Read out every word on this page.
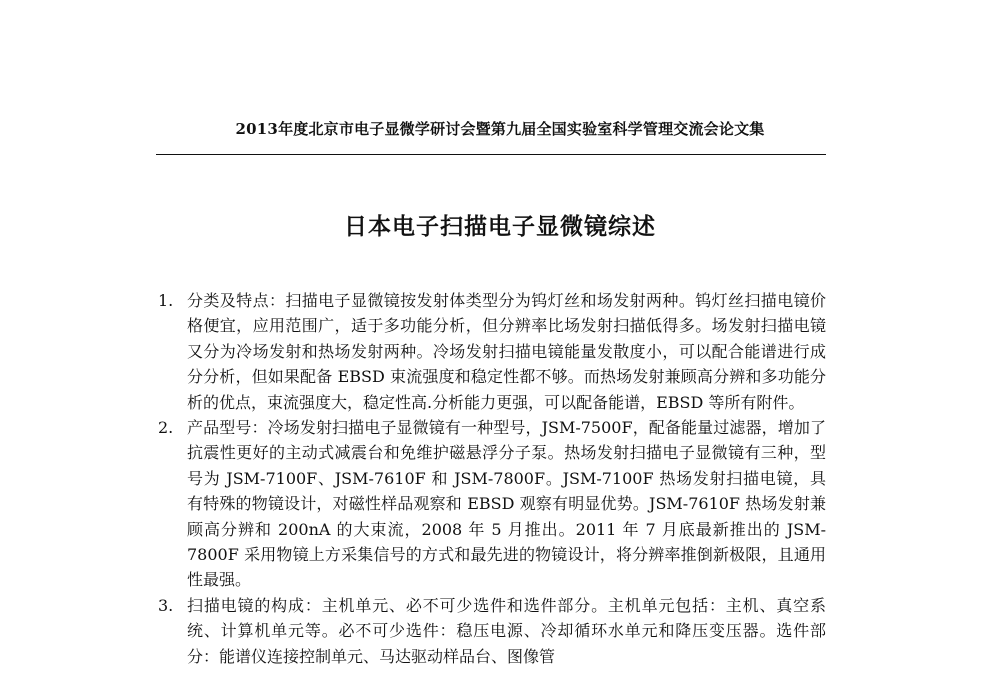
2013年度北京市电子显微学研讨会暨第九届全国实验室科学管理交流会论文集
日本电子扫描电子显微镜综述
1. 分类及特点：扫描电子显微镜按发射体类型分为钨灯丝和场发射两种。钨灯丝扫描电镜价格便宜，应用范围广，适于多功能分析，但分辨率比场发射扫描低得多。场发射扫描电镜又分为冷场发射和热场发射两种。冷场发射扫描电镜能量发散度小，可以配合能谱进行成分分析，但如果配备 EBSD 束流强度和稳定性都不够。而热场发射兼顾高分辨和多功能分析的优点，束流强度大，稳定性高.分析能力更强，可以配备能谱，EBSD 等所有附件。
2. 产品型号：冷场发射扫描电子显微镜有一种型号，JSM-7500F，配备能量过滤器，增加了抗震性更好的主动式减震台和免维护磁悬浮分子泵。热场发射扫描电子显微镜有三种，型号为 JSM-7100F、JSM-7610F 和 JSM-7800F。JSM-7100F 热场发射扫描电镜，具有特殊的物镜设计，对磁性样品观察和 EBSD 观察有明显优势。JSM-7610F 热场发射兼顾高分辨和 200nA 的大束流，2008 年 5 月推出。2011 年 7 月底最新推出的 JSM-7800F 采用物镜上方采集信号的方式和最先进的物镜设计，将分辨率推倒新极限，且通用性最强。
3. 扫描电镜的构成：主机单元、必不可少选件和选件部分。主机单元包括：主机、真空系统、计算机单元等。必不可少选件：稳压电源、冷却循环水单元和降压变压器。选件部分：能谱仪连接控制单元、马达驱动样品台、图像管
